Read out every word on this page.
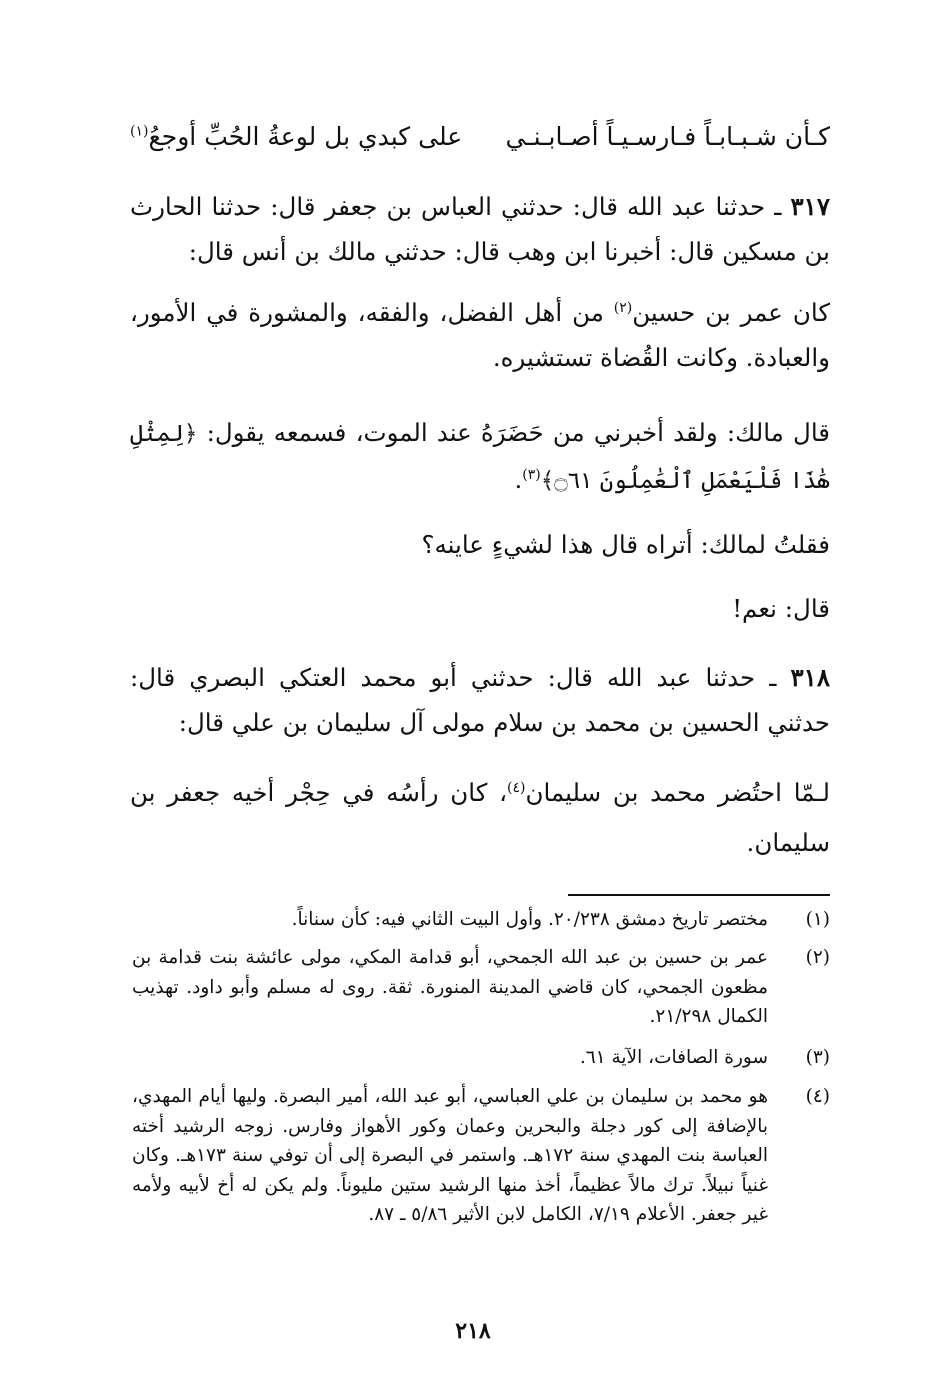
كـأن شـبـابـاً فـارسـيـاً أصـابـنـي
على كبدي بل لوعةُ الحُبِّ أوجعُ$^{(١)}$
٣١٧ ـ حدثنا عبد الله قال: حدثني العباس بن جعفر قال: حدثنا الحارث بن مسكين قال: أخبرنا ابن وهب قال: حدثني مالك بن أنس قال:
كان عمر بن حسين$^{(٢)}$ من أهل الفضل، والفقه، والمشورة في الأمور، والعبادة. وكانت القُضاة تستشيره.
قال مالك: ولقد أخبرني من حَضَرَهُ عند الموت، فسمعه يقول: ﴿لِمِثْلِ هَٰذَا فَلْيَعْمَلِ ٱلْعَٰمِلُونَ ۝٦١﴾$^{(٣)}$.
فقلتُ لمالك: أتراه قال هذا لشيءٍ عاينه؟
قال: نعم!
٣١٨ ـ حدثنا عبد الله قال: حدثني أبو محمد العتكي البصري قال: حدثني الحسين بن محمد بن سلام مولى آل سليمان بن علي قال:
لـمّا احتُضر محمد بن سليمان$^{(٤)}$، كان رأسُه في حِجْر أخيه جعفر بن سليمان.
(١)
مختصر تاريخ دمشق ٢٠/٢٣٨. وأول البيت الثاني فيه: كأن سناناً.
(٢)
عمر بن حسين بن عبد الله الجمحي، أبو قدامة المكي، مولى عائشة بنت قدامة بن مظعون الجمحي، كان قاضي المدينة المنورة. ثقة. روى له مسلم وأبو داود. تهذيب الكمال ٢١/٢٩٨.
(٣)
سورة الصافات، الآية ٦١.
(٤)
هو محمد بن سليمان بن علي العباسي، أبو عبد الله، أمير البصرة. وليها أيام المهدي، بالإضافة إلى كور دجلة والبحرين وعمان وكور الأهواز وفارس. زوجه الرشيد أخته العباسة بنت المهدي سنة ١٧٢هـ. واستمر في البصرة إلى أن توفي سنة ١٧٣هـ. وكان غنياً نبيلاً. ترك مالاً عظيماً، أخذ منها الرشيد ستين مليوناً. ولم يكن له أخ لأبيه ولأمه غير جعفر. الأعلام ٧/١٩، الكامل لابن الأثير ٥/٨٦ ـ ٨٧.
٢١٨
